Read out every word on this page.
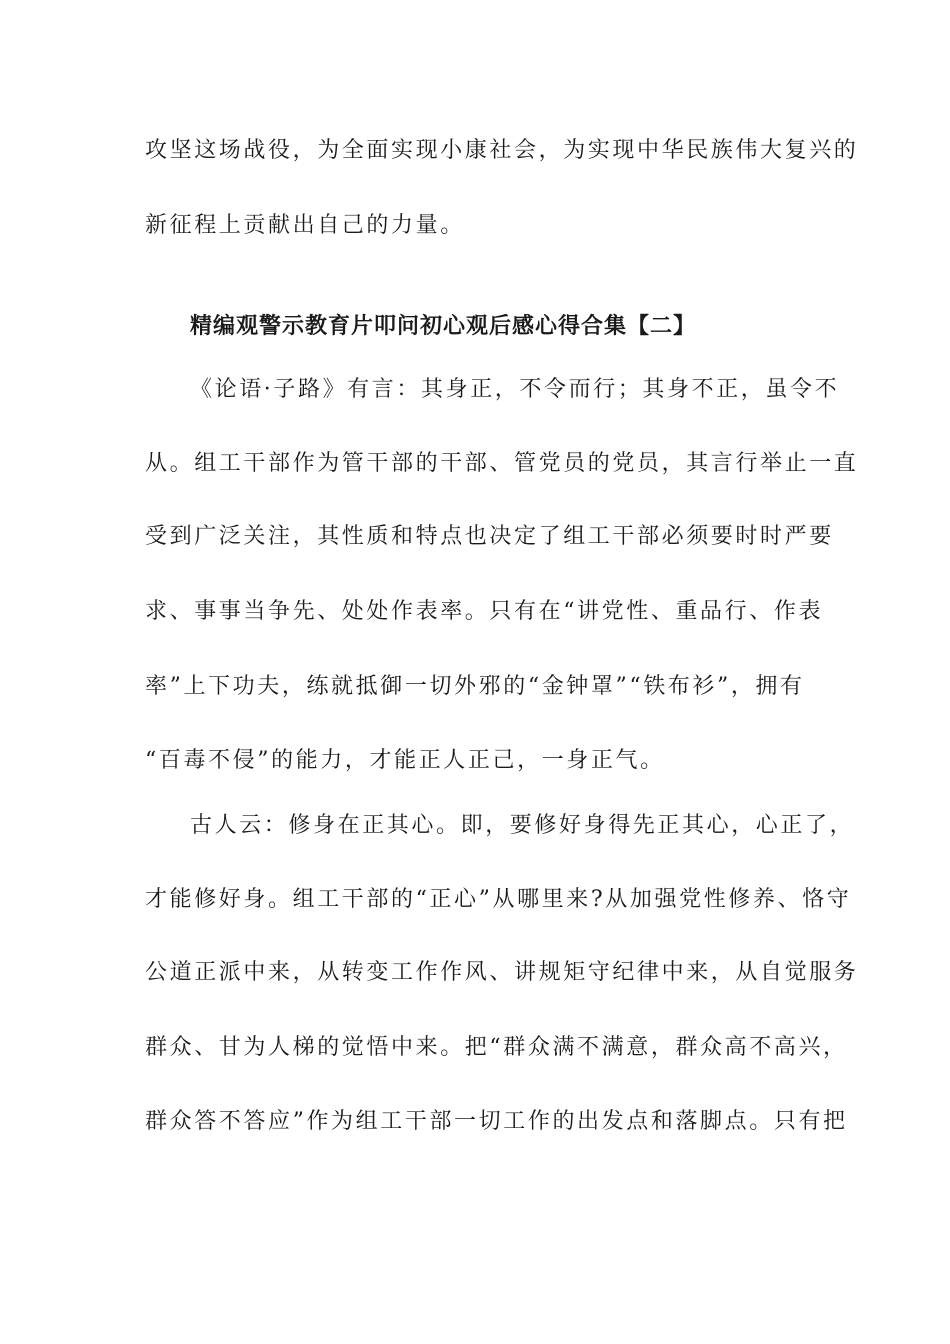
攻坚这场战役，为全面实现小康社会，为实现中华民族伟大复兴的
新征程上贡献出自己的力量。
精编观警示教育片叩问初心观后感心得合集【二】
《论语·子路》有言：其身正，不令而行；其身不正，虽令不
从。组工干部作为管干部的干部、管党员的党员，其言行举止一直
受到广泛关注，其性质和特点也决定了组工干部必须要时时严要
求、事事当争先、处处作表率。只有在“讲党性、重品行、作表
率”上下功夫，练就抵御一切外邪的“金钟罩”“铁布衫”，拥有
“百毒不侵”的能力，才能正人正己，一身正气。
古人云：修身在正其心。即，要修好身得先正其心，心正了，
才能修好身。组工干部的“正心”从哪里来?从加强党性修养、恪守
公道正派中来，从转变工作作风、讲规矩守纪律中来，从自觉服务
群众、甘为人梯的觉悟中来。把“群众满不满意，群众高不高兴，
群众答不答应”作为组工干部一切工作的出发点和落脚点。只有把
